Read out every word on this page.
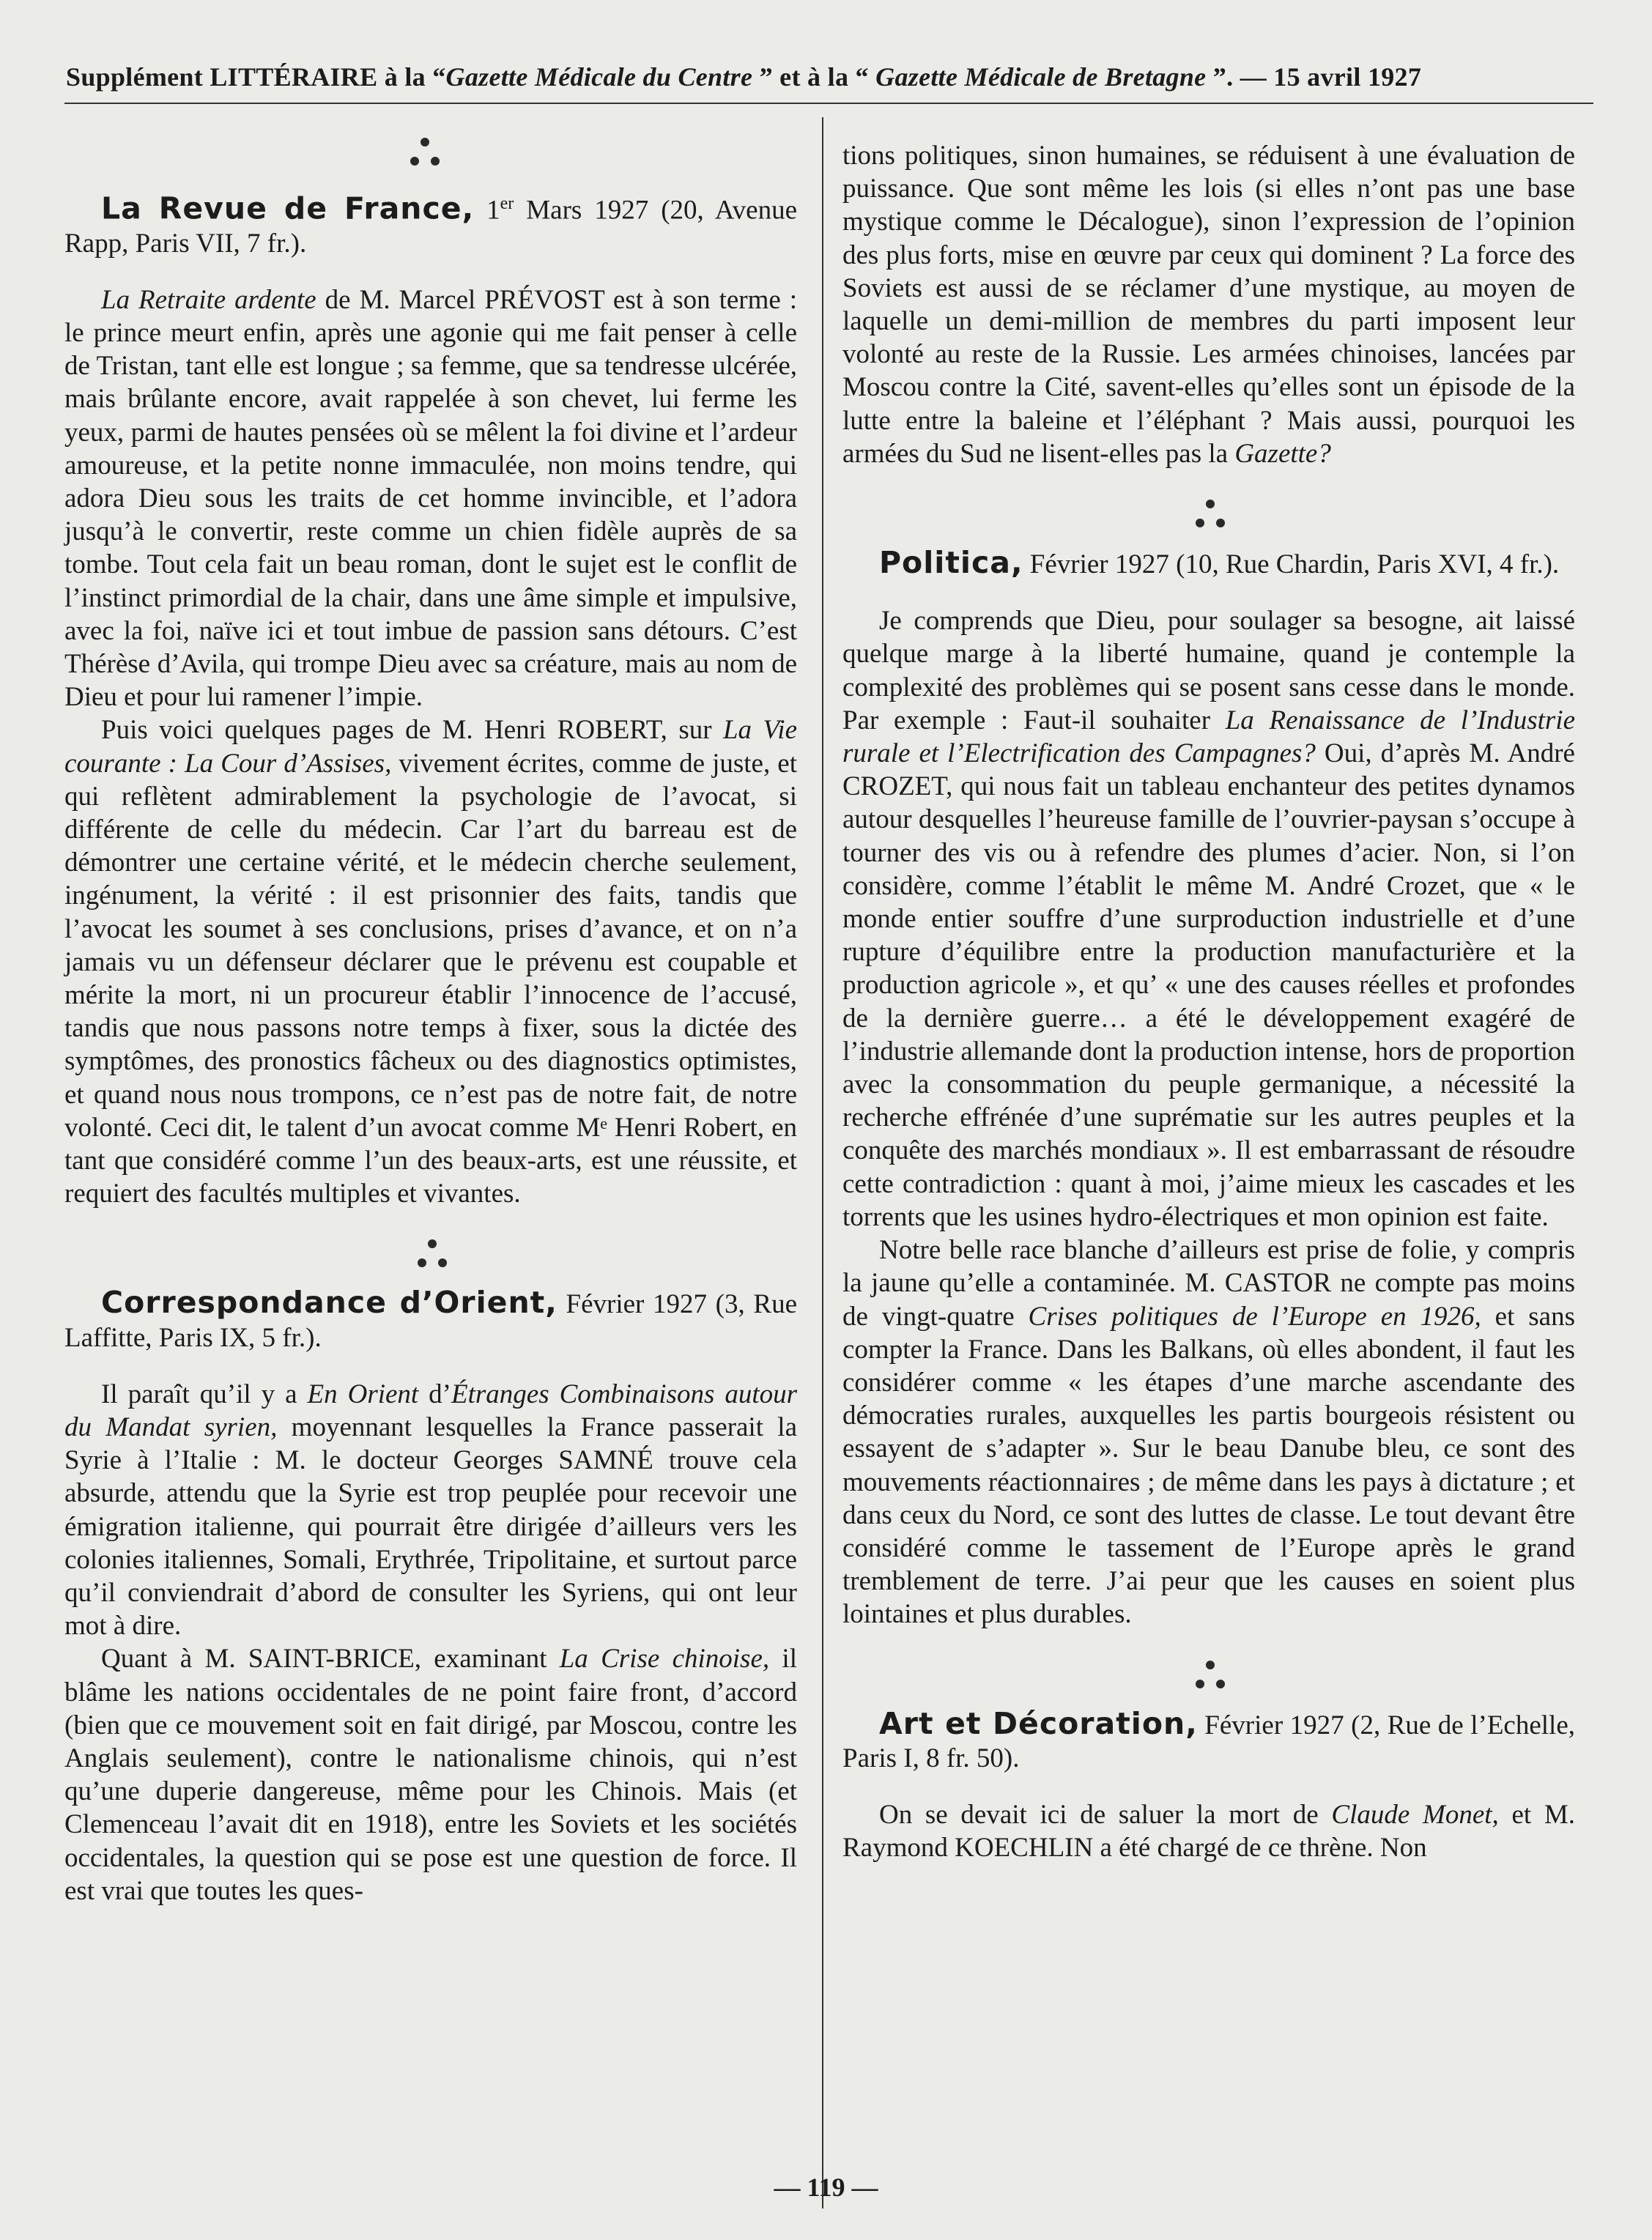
Supplément LITTÉRAIRE à la “Gazette Médicale du Centre ” et à la “ Gazette Médicale de Bretagne ”. — 15 avril 1927

La Revue de France, 1er Mars 1927 (20, Avenue Rapp, Paris VII, 7 fr.).

La Retraite ardente de M. Marcel PRÉVOST est à son terme : le prince meurt enfin, après une agonie qui me fait penser à celle de Tristan, tant elle est longue ; sa femme, que sa tendresse ulcérée, mais brûlante encore, avait rappelée à son chevet, lui ferme les yeux, parmi de hautes pensées où se mêlent la foi divine et l’ardeur amoureuse, et la petite nonne immaculée, non moins tendre, qui adora Dieu sous les traits de cet homme invincible, et l’adora jusqu’à le convertir, reste comme un chien fidèle auprès de sa tombe. Tout cela fait un beau roman, dont le sujet est le conflit de l’instinct primordial de la chair, dans une âme simple et impulsive, avec la foi, naïve ici et tout imbue de passion sans détours. C’est Thérèse d’Avila, qui trompe Dieu avec sa créature, mais au nom de Dieu et pour lui ramener l’impie.

Puis voici quelques pages de M. Henri ROBERT, sur La Vie courante : La Cour d’Assises, vivement écrites, comme de juste, et qui reflètent admirablement la psychologie de l’avocat, si différente de celle du médecin. Car l’art du barreau est de démontrer une certaine vérité, et le médecin cherche seulement, ingénument, la vérité : il est prisonnier des faits, tandis que l’avocat les soumet à ses conclusions, prises d’avance, et on n’a jamais vu un défenseur déclarer que le prévenu est coupable et mérite la mort, ni un procureur établir l’innocence de l’accusé, tandis que nous passons notre temps à fixer, sous la dictée des symptômes, des pronostics fâcheux ou des diagnostics optimistes, et quand nous nous trompons, ce n’est pas de notre fait, de notre volonté. Ceci dit, le talent d’un avocat comme Mᵉ Henri Robert, en tant que considéré comme l’un des beaux-arts, est une réussite, et requiert des facultés multiples et vivantes.

Correspondance d’Orient, Février 1927 (3, Rue Laffitte, Paris IX, 5 fr.).

Il paraît qu’il y a En Orient d’Étranges Combinaisons autour du Mandat syrien, moyennant lesquelles la France passerait la Syrie à l’Italie : M. le docteur Georges SAMNÉ trouve cela absurde, attendu que la Syrie est trop peuplée pour recevoir une émigration italienne, qui pourrait être dirigée d’ailleurs vers les colonies italiennes, Somali, Erythrée, Tripolitaine, et surtout parce qu’il conviendrait d’abord de consulter les Syriens, qui ont leur mot à dire.

Quant à M. SAINT-BRICE, examinant La Crise chinoise, il blâme les nations occidentales de ne point faire front, d’accord (bien que ce mouvement soit en fait dirigé, par Moscou, contre les Anglais seulement), contre le nationalisme chinois, qui n’est qu’une duperie dangereuse, même pour les Chinois. Mais (et Clemenceau l’avait dit en 1918), entre les Soviets et les sociétés occidentales, la question qui se pose est une question de force. Il est vrai que toutes les ques-

tions politiques, sinon humaines, se réduisent à une évaluation de puissance. Que sont même les lois (si elles n’ont pas une base mystique comme le Décalogue), sinon l’expression de l’opinion des plus forts, mise en œuvre par ceux qui dominent ? La force des Soviets est aussi de se réclamer d’une mystique, au moyen de laquelle un demi-million de membres du parti imposent leur volonté au reste de la Russie. Les armées chinoises, lancées par Moscou contre la Cité, savent-elles qu’elles sont un épisode de la lutte entre la baleine et l’éléphant ? Mais aussi, pourquoi les armées du Sud ne lisent-elles pas la Gazette?

Politica, Février 1927 (10, Rue Chardin, Paris XVI, 4 fr.).

Je comprends que Dieu, pour soulager sa besogne, ait laissé quelque marge à la liberté humaine, quand je contemple la complexité des problèmes qui se posent sans cesse dans le monde. Par exemple : Faut-il souhaiter La Renaissance de l’Industrie rurale et l’Electrification des Campagnes? Oui, d’après M. André CROZET, qui nous fait un tableau enchanteur des petites dynamos autour desquelles l’heureuse famille de l’ouvrier-paysan s’occupe à tourner des vis ou à refendre des plumes d’acier. Non, si l’on considère, comme l’établit le même M. André Crozet, que « le monde entier souffre d’une surproduction industrielle et d’une rupture d’équilibre entre la production manufacturière et la production agricole », et qu’ « une des causes réelles et profondes de la dernière guerre… a été le développement exagéré de l’industrie allemande dont la production intense, hors de proportion avec la consommation du peuple germanique, a nécessité la recherche effrénée d’une suprématie sur les autres peuples et la conquête des marchés mondiaux ». Il est embarrassant de résoudre cette contradiction : quant à moi, j’aime mieux les cascades et les torrents que les usines hydro-électriques et mon opinion est faite.

Notre belle race blanche d’ailleurs est prise de folie, y compris la jaune qu’elle a contaminée. M. CASTOR ne compte pas moins de vingt-quatre Crises politiques de l’Europe en 1926, et sans compter la France. Dans les Balkans, où elles abondent, il faut les considérer comme « les étapes d’une marche ascendante des démocraties rurales, auxquelles les partis bourgeois résistent ou essayent de s’adapter ». Sur le beau Danube bleu, ce sont des mouvements réactionnaires ; de même dans les pays à dictature ; et dans ceux du Nord, ce sont des luttes de classe. Le tout devant être considéré comme le tassement de l’Europe après le grand tremblement de terre. J’ai peur que les causes en soient plus lointaines et plus durables.

Art et Décoration, Février 1927 (2, Rue de l’Echelle, Paris I, 8 fr. 50).

On se devait ici de saluer la mort de Claude Monet, et M. Raymond KOECHLIN a été chargé de ce thrène. Non

— 119 —
